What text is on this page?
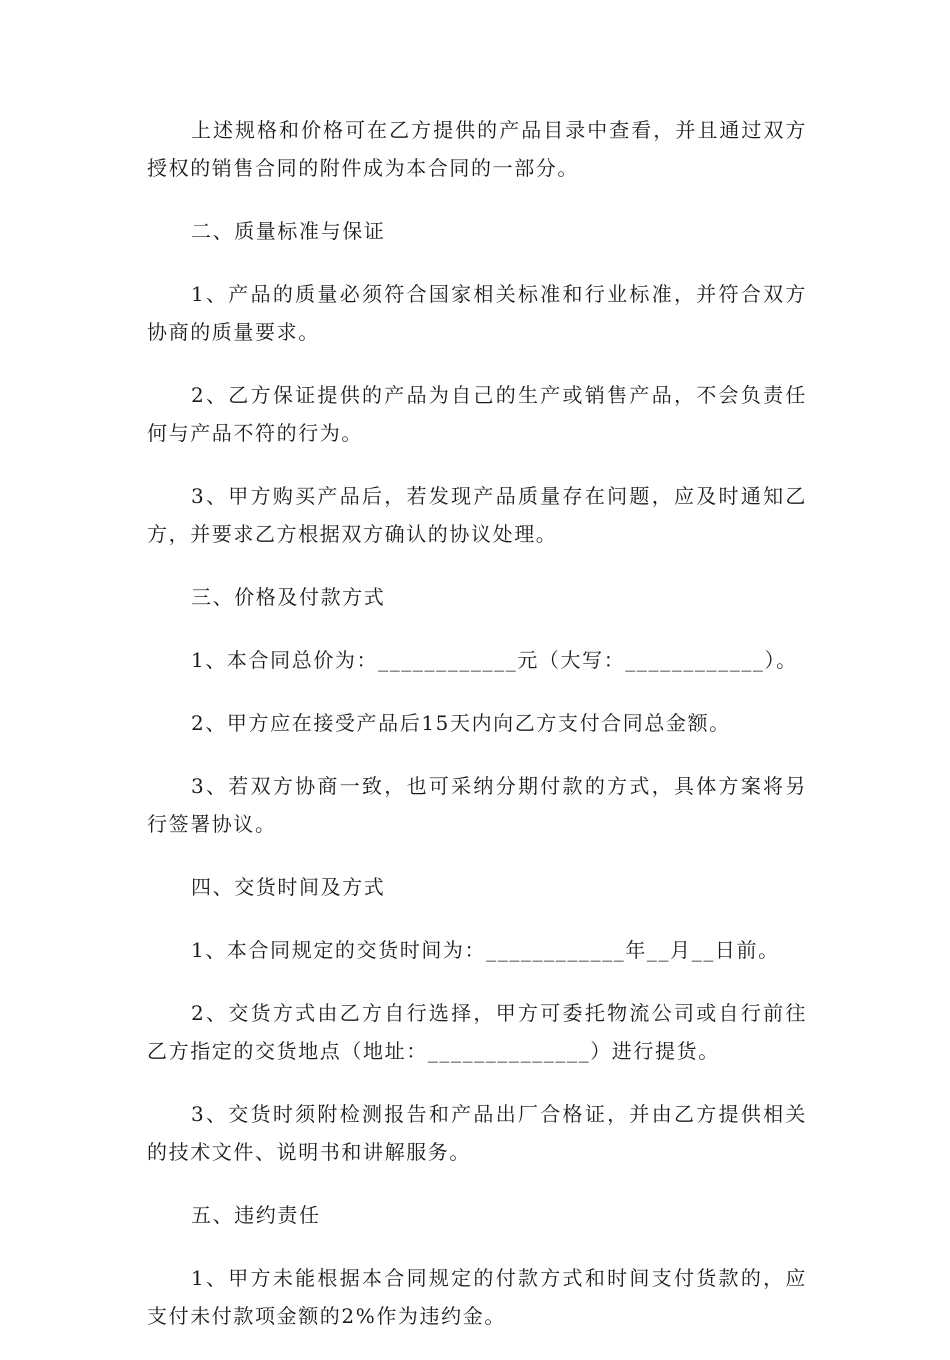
上述规格和价格可在乙方提供的产品目录中查看，并且通过双方授权的销售合同的附件成为本合同的一部分。

二、质量标准与保证

1、产品的质量必须符合国家相关标准和行业标准，并符合双方协商的质量要求。

2、乙方保证提供的产品为自己的生产或销售产品，不会负责任何与产品不符的行为。

3、甲方购买产品后，若发现产品质量存在问题，应及时通知乙方，并要求乙方根据双方确认的协议处理。

三、价格及付款方式

1、本合同总价为：____________元（大写：____________）。

2、甲方应在接受产品后15天内向乙方支付合同总金额。

3、若双方协商一致，也可采纳分期付款的方式，具体方案将另行签署协议。

四、交货时间及方式

1、本合同规定的交货时间为：____________年__月__日前。

2、交货方式由乙方自行选择，甲方可委托物流公司或自行前往乙方指定的交货地点（地址：______________）进行提货。

3、交货时须附检测报告和产品出厂合格证，并由乙方提供相关的技术文件、说明书和讲解服务。

五、违约责任

1、甲方未能根据本合同规定的付款方式和时间支付货款的，应支付未付款项金额的2%作为违约金。
